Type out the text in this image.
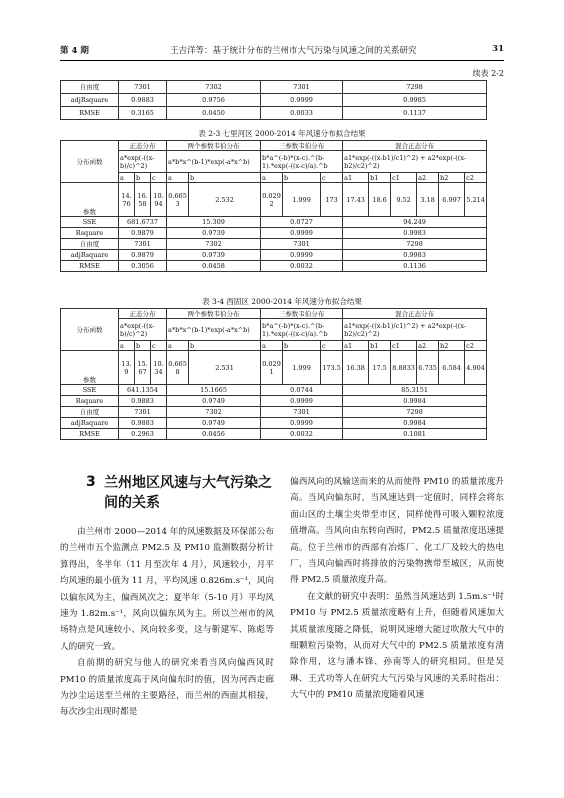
第 4 期	王吉洋等：基于统计分布的兰州市大气污染与风速之间的关系研究	31
续表 2-2
自由度	7301	7302	7301	7298
adjRsquare	0.9883	0.9756	0.9999	0.9985
RMSE	0.3165	0.0450	0.0033	0.1137
表 2-3 七里河区 2000-2014 年风速分布拟合结果
分布函数	正态分布			两个参数韦伯分布		三参数韦伯分布			混合正态分布					
	a*exp(-((x-b)/c)^2)			a*b*x^(b-1)*exp(-a*x^b)		b*a^(-b)*(x-c).^(b-1).*exp(-((x-c)/a).^b			a1*exp(-((x-b1)/c1)^2) + a2*exp(-((x-b2)/c2)^2)					
	a	b	c	a	b	a	b	c	a1	b1	c1	a2	b2	c2
参数	14.76	16.58	10.94	0.6653	2.532	0.0292	1.999	173	17.43	18.6	9.52	3.18	6.997	5.214
SSE	681.6737			15.309		0.0727			94.249					
Rsquare	0.9879			0.9739		0.9999			0.9983					
自由度	7301			7302		7301			7298					
adjRsquare	0.9879			0.9739		0.9999			0.9983					
RMSE	0.3056			0.0458		0.0032			0.1136					
表 3-4 西固区 2000-2014 年风速分布拟合结果
分布函数	正态分布			两个参数韦伯分布		三参数韦伯分布			混合正态分布					
	a*exp(-((x-b)/c)^2)			a*b*x^(b-1)*exp(-a*x^b)		b*a^(-b)*(x-c).^(b-1).*exp(-((x-c)/a).^b			a1*exp(-((x-b1)/c1)^2) + a2*exp(-((x-b2)/c2)^2)					
	a	b	c	a	b	a	b	c	a1	b1	c1	a2	b2	c2
参数	13.9	15.67	10.34	0.6658	2.531	0.0291	1.999	173.5	16.38	17.5	8.8833	6.735	6.584	4.904
SSE	641.1354			15.1665		0.0744			85.3151					
Rsquare	0.9883			0.9749		0.9999			0.9984					
自由度	7301			7302		7301			7298					
adjRsquare	0.9883			0.9749		0.9999			0.9984					
RMSE	0.2963			0.0456		0.0032			0.1081					
3 兰州地区风速与大气污染之间的关系

由兰州市 2000—2014 年的风速数据及环保部公布的兰州市五个监测点 PM2.5 及 PM10 监测数据分析计算得出，冬半年（11 月至次年 4 月），风速较小，月平均风速的最小值为 11 月，平均风速 0.826m.s⁻¹，风向以偏东风为主，偏西风次之；夏半年（5-10 月）平均风速为 1.82m.s⁻¹，风向以偏东风为主。所以兰州市的风场特点是风速较小、风向较多变，这与靳建军、陈彪等人的研究一致。

自前期的研究与他人的研究来看当风向偏西风时 PM10 的质量浓度高于风向偏东时的值，因为河西走廊为沙尘运送至兰州的主要路径，而兰州的西面其相接，每次沙尘出现时都是

偏西风向的风输送而来的从而使得 PM10 的质量浓度升高。当风向偏东时，当风速达到一定值时，同样会将东面山区的土壤尘夹带至市区，同样使得可吸入颗粒浓度值增高。当风向由东转向西时，PM2.5 质量浓度迅速提高。位于兰州市的西部有冶炼厂、化工厂及较大的热电厂，当风向偏西时将排放的污染物携带至城区，从而使得 PM2.5 质量浓度升高。

在文献的研究中表明：虽然当风速达到 1.5m.s⁻¹时 PM10 与 PM2.5 质量浓度略有上升，但随着风速加大其质量浓度随之降低，说明风速增大能过吹散大气中的细颗粒污染物，从而对大气中的 PM2.5 质量浓度有清除作用，这与潘本锋、孙南等人的研究相同。但是吴琳、王式功等人在研究大气污染与风速的关系时指出：大气中的 PM10 质量浓度随着风速
